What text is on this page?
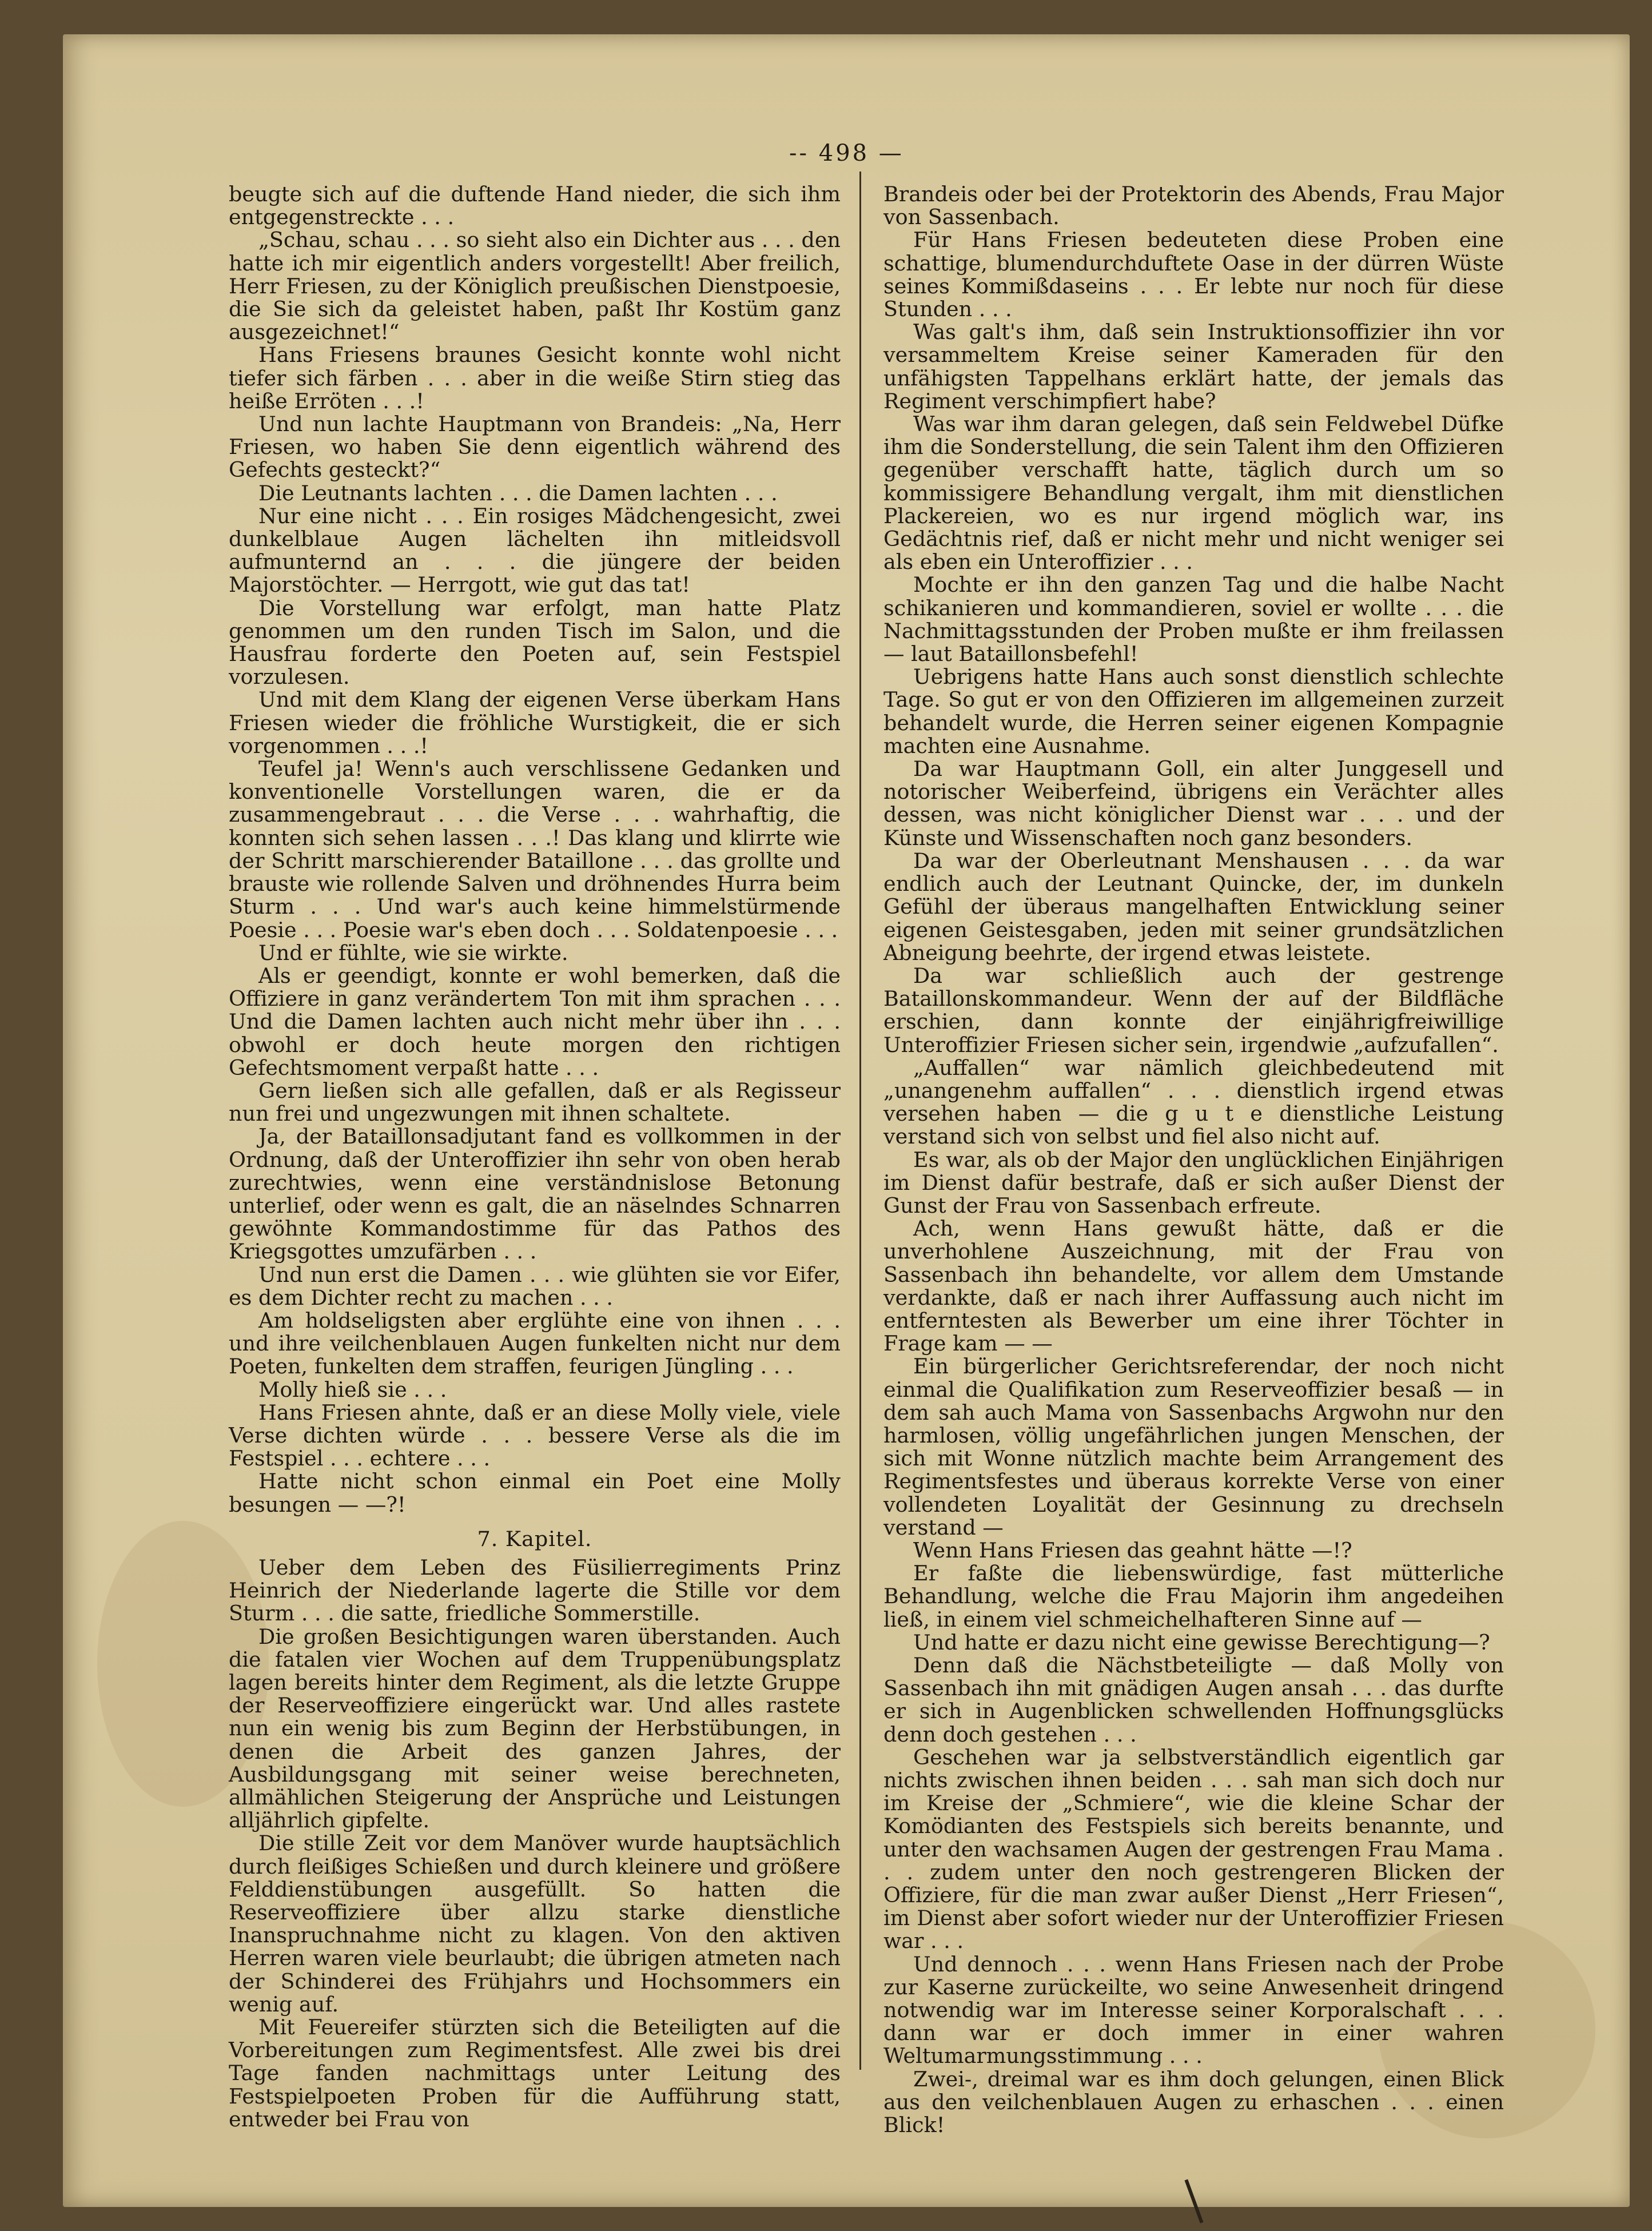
-- 498 —

beugte sich auf die duftende Hand nieder, die sich ihm entgegenstreckte . . .

„Schau, schau . . . so sieht also ein Dichter aus . . . den hatte ich mir eigentlich anders vorgestellt! Aber freilich, Herr Friesen, zu der Königlich preußischen Dienstpoesie, die Sie sich da geleistet haben, paßt Ihr Kostüm ganz ausgezeichnet!“

Hans Friesens braunes Gesicht konnte wohl nicht tiefer sich färben . . . aber in die weiße Stirn stieg das heiße Erröten . . .!

Und nun lachte Hauptmann von Brandeis: „Na, Herr Friesen, wo haben Sie denn eigentlich während des Gefechts gesteckt?“

Die Leutnants lachten . . . die Damen lachten . . .

Nur eine nicht . . . Ein rosiges Mädchengesicht, zwei dunkelblaue Augen lächelten ihn mitleidsvoll aufmunternd an . . . die jüngere der beiden Majorstöchter. — Herrgott, wie gut das tat!

Die Vorstellung war erfolgt, man hatte Platz genommen um den runden Tisch im Salon, und die Hausfrau forderte den Poeten auf, sein Festspiel vorzulesen.

Und mit dem Klang der eigenen Verse überkam Hans Friesen wieder die fröhliche Wurstigkeit, die er sich vorgenommen . . .!

Teufel ja! Wenn's auch verschlissene Gedanken und konventionelle Vorstellungen waren, die er da zusammengebraut . . . die Verse . . . wahrhaftig, die konnten sich sehen lassen . . .! Das klang und klirrte wie der Schritt marschierender Bataillone . . . das grollte und brauste wie rollende Salven und dröhnendes Hurra beim Sturm . . . Und war's auch keine himmelstürmende Poesie . . . Poesie war's eben doch . . . Soldatenpoesie . . .

Und er fühlte, wie sie wirkte.

Als er geendigt, konnte er wohl bemerken, daß die Offiziere in ganz verändertem Ton mit ihm sprachen . . . Und die Damen lachten auch nicht mehr über ihn . . . obwohl er doch heute morgen den richtigen Gefechtsmoment verpaßt hatte . . .

Gern ließen sich alle gefallen, daß er als Regisseur nun frei und ungezwungen mit ihnen schaltete.

Ja, der Bataillonsadjutant fand es vollkommen in der Ordnung, daß der Unteroffizier ihn sehr von oben herab zurechtwies, wenn eine verständnislose Betonung unterlief, oder wenn es galt, die an näselndes Schnarren gewöhnte Kommandostimme für das Pathos des Kriegsgottes umzufärben . . .

Und nun erst die Damen . . . wie glühten sie vor Eifer, es dem Dichter recht zu machen . . .

Am holdseligsten aber erglühte eine von ihnen . . . und ihre veilchenblauen Augen funkelten nicht nur dem Poeten, funkelten dem straffen, feurigen Jüngling . . .

Molly hieß sie . . .

Hans Friesen ahnte, daß er an diese Molly viele, viele Verse dichten würde . . . bessere Verse als die im Festspiel . . . echtere . . .

Hatte nicht schon einmal ein Poet eine Molly besungen — —?!

7. Kapitel.

Ueber dem Leben des Füsilierregiments Prinz Heinrich der Niederlande lagerte die Stille vor dem Sturm . . . die satte, friedliche Sommerstille.

Die großen Besichtigungen waren überstanden. Auch die fatalen vier Wochen auf dem Truppenübungsplatz lagen bereits hinter dem Regiment, als die letzte Gruppe der Reserveoffiziere eingerückt war. Und alles rastete nun ein wenig bis zum Beginn der Herbstübungen, in denen die Arbeit des ganzen Jahres, der Ausbildungsgang mit seiner weise berechneten, allmählichen Steigerung der Ansprüche und Leistungen alljährlich gipfelte.

Die stille Zeit vor dem Manöver wurde hauptsächlich durch fleißiges Schießen und durch kleinere und größere Felddienstübungen ausgefüllt. So hatten die Reserveoffiziere über allzu starke dienstliche Inanspruchnahme nicht zu klagen. Von den aktiven Herren waren viele beurlaubt; die übrigen atmeten nach der Schinderei des Frühjahrs und Hochsommers ein wenig auf.

Mit Feuereifer stürzten sich die Beteiligten auf die Vorbereitungen zum Regimentsfest. Alle zwei bis drei Tage fanden nachmittags unter Leitung des Festspielpoeten Proben für die Aufführung statt, entweder bei Frau von

Brandeis oder bei der Protektorin des Abends, Frau Major von Sassenbach.

Für Hans Friesen bedeuteten diese Proben eine schattige, blumendurchduftete Oase in der dürren Wüste seines Kommißdaseins . . . Er lebte nur noch für diese Stunden . . .

Was galt's ihm, daß sein Instruktionsoffizier ihn vor versammeltem Kreise seiner Kameraden für den unfähigsten Tappelhans erklärt hatte, der jemals das Regiment verschimpfiert habe?

Was war ihm daran gelegen, daß sein Feldwebel Düfke ihm die Sonderstellung, die sein Talent ihm den Offizieren gegenüber verschafft hatte, täglich durch um so kommissigere Behandlung vergalt, ihm mit dienstlichen Plackereien, wo es nur irgend möglich war, ins Gedächtnis rief, daß er nicht mehr und nicht weniger sei als eben ein Unteroffizier . . .

Mochte er ihn den ganzen Tag und die halbe Nacht schikanieren und kommandieren, soviel er wollte . . . die Nachmittagsstunden der Proben mußte er ihm freilassen — laut Bataillonsbefehl!

Uebrigens hatte Hans auch sonst dienstlich schlechte Tage. So gut er von den Offizieren im allgemeinen zurzeit behandelt wurde, die Herren seiner eigenen Kompagnie machten eine Ausnahme.

Da war Hauptmann Goll, ein alter Junggesell und notorischer Weiberfeind, übrigens ein Verächter alles dessen, was nicht königlicher Dienst war . . . und der Künste und Wissenschaften noch ganz besonders.

Da war der Oberleutnant Menshausen . . . da war endlich auch der Leutnant Quincke, der, im dunkeln Gefühl der überaus mangelhaften Entwicklung seiner eigenen Geistesgaben, jeden mit seiner grundsätzlichen Abneigung beehrte, der irgend etwas leistete.

Da war schließlich auch der gestrenge Bataillonskommandeur. Wenn der auf der Bildfläche erschien, dann konnte der einjährigfreiwillige Unteroffizier Friesen sicher sein, irgendwie „aufzufallen“.

„Auffallen“ war nämlich gleichbedeutend mit „unangenehm auffallen“ . . . dienstlich irgend etwas versehen haben — die g u t e dienstliche Leistung verstand sich von selbst und fiel also nicht auf.

Es war, als ob der Major den unglücklichen Einjährigen im Dienst dafür bestrafe, daß er sich außer Dienst der Gunst der Frau von Sassenbach erfreute.

Ach, wenn Hans gewußt hätte, daß er die unverhohlene Auszeichnung, mit der Frau von Sassenbach ihn behandelte, vor allem dem Umstande verdankte, daß er nach ihrer Auffassung auch nicht im entferntesten als Bewerber um eine ihrer Töchter in Frage kam — —

Ein bürgerlicher Gerichtsreferendar, der noch nicht einmal die Qualifikation zum Reserveoffizier besaß — in dem sah auch Mama von Sassenbachs Argwohn nur den harmlosen, völlig ungefährlichen jungen Menschen, der sich mit Wonne nützlich machte beim Arrangement des Regimentsfestes und überaus korrekte Verse von einer vollendeten Loyalität der Gesinnung zu drechseln verstand —

Wenn Hans Friesen das geahnt hätte —!?

Er faßte die liebenswürdige, fast mütterliche Behandlung, welche die Frau Majorin ihm angedeihen ließ, in einem viel schmeichelhafteren Sinne auf —

Und hatte er dazu nicht eine gewisse Berechtigung—?

Denn daß die Nächstbeteiligte — daß Molly von Sassenbach ihn mit gnädigen Augen ansah . . . das durfte er sich in Augenblicken schwellenden Hoffnungsglücks denn doch gestehen . . .

Geschehen war ja selbstverständlich eigentlich gar nichts zwischen ihnen beiden . . . sah man sich doch nur im Kreise der „Schmiere“, wie die kleine Schar der Komödianten des Festspiels sich bereits benannte, und unter den wachsamen Augen der gestrengen Frau Mama . . . zudem unter den noch gestrengeren Blicken der Offiziere, für die man zwar außer Dienst „Herr Friesen“, im Dienst aber sofort wieder nur der Unteroffizier Friesen war . . .

Und dennoch . . . wenn Hans Friesen nach der Probe zur Kaserne zurückeilte, wo seine Anwesenheit dringend notwendig war im Interesse seiner Korporalschaft . . . dann war er doch immer in einer wahren Weltumarmungsstimmung . . .

Zwei-, dreimal war es ihm doch gelungen, einen Blick aus den veilchenblauen Augen zu erhaschen . . . einen Blick!
